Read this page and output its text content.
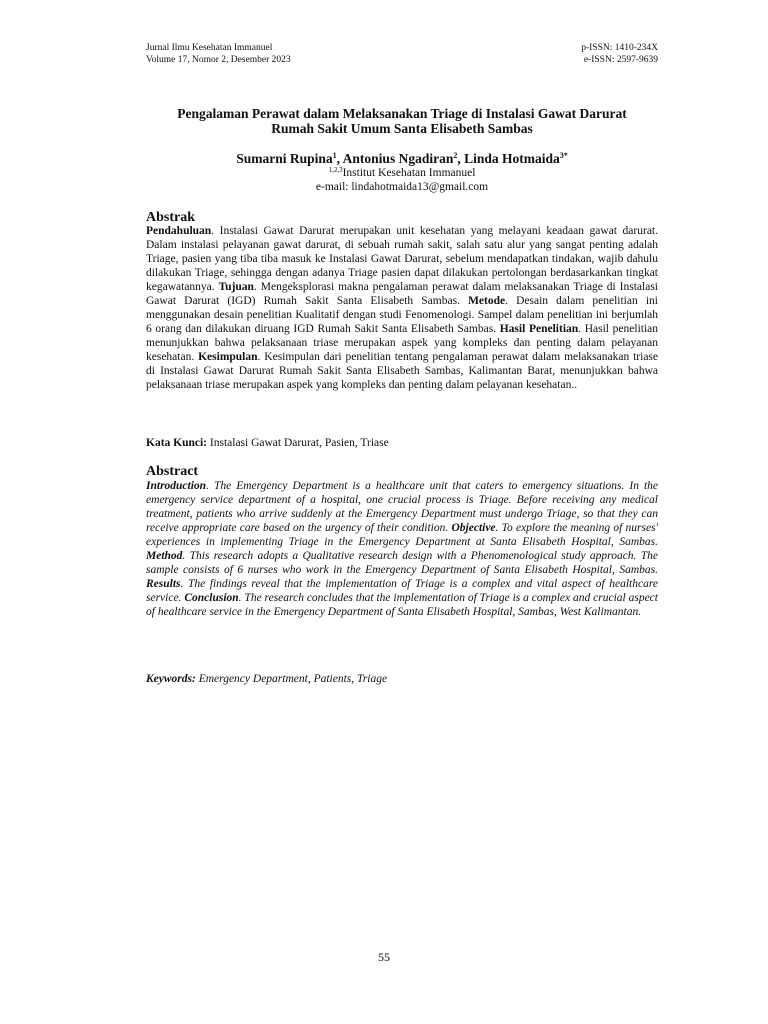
Jurnal Ilmu Kesehatan Immanuel
Volume 17, Nomor 2, Desember 2023
p-ISSN: 1410-234X
e-ISSN: 2597-9639
Pengalaman Perawat dalam Melaksanakan Triage di Instalasi Gawat Darurat
Rumah Sakit Umum Santa Elisabeth Sambas
Sumarni Rupina$^1$, Antonius Ngadiran$^2$, Linda Hotmaida$^{3*}$
$^{1,2,3}$Institut Kesehatan Immanuel
e-mail: lindahotmaida13@gmail.com
Abstrak
Pendahuluan. Instalasi Gawat Darurat merupakan unit kesehatan yang melayani keadaan gawat darurat. Dalam instalasi pelayanan gawat darurat, di sebuah rumah sakit, salah satu alur yang sangat penting adalah Triage, pasien yang tiba tiba masuk ke Instalasi Gawat Darurat, sebelum mendapatkan tindakan, wajib dahulu dilakukan Triage, sehingga dengan adanya Triage pasien dapat dilakukan pertolongan berdasarkankan tingkat kegawatannya. Tujuan. Mengeksplorasi makna pengalaman perawat dalam melaksanakan Triage di Instalasi Gawat Darurat (IGD) Rumah Sakit Santa Elisabeth Sambas. Metode. Desain dalam penelitian ini menggunakan desain penelitian Kualitatif dengan studi Fenomenologi. Sampel dalam penelitian ini berjumlah 6 orang dan dilakukan diruang IGD Rumah Sakit Santa Elisabeth Sambas. Hasil Penelitian. Hasil penelitian menunjukkan bahwa pelaksanaan triase merupakan aspek yang kompleks dan penting dalam pelayanan kesehatan. Kesimpulan. Kesimpulan dari penelitian tentang pengalaman perawat dalam melaksanakan triase di Instalasi Gawat Darurat Rumah Sakit Santa Elisabeth Sambas, Kalimantan Barat, menunjukkan bahwa pelaksanaan triase merupakan aspek yang kompleks dan penting dalam pelayanan kesehatan..
Kata Kunci: Instalasi Gawat Darurat, Pasien, Triase
Abstract
Introduction. The Emergency Department is a healthcare unit that caters to emergency situations. In the emergency service department of a hospital, one crucial process is Triage. Before receiving any medical treatment, patients who arrive suddenly at the Emergency Department must undergo Triage, so that they can receive appropriate care based on the urgency of their condition. Objective. To explore the meaning of nurses' experiences in implementing Triage in the Emergency Department at Santa Elisabeth Hospital, Sambas. Method. This research adopts a Qualitative research design with a Phenomenological study approach. The sample consists of 6 nurses who work in the Emergency Department of Santa Elisabeth Hospital, Sambas. Results. The findings reveal that the implementation of Triage is a complex and vital aspect of healthcare service. Conclusion. The research concludes that the implementation of Triage is a complex and crucial aspect of healthcare service in the Emergency Department of Santa Elisabeth Hospital, Sambas, West Kalimantan.
Keywords: Emergency Department, Patients, Triage
55
